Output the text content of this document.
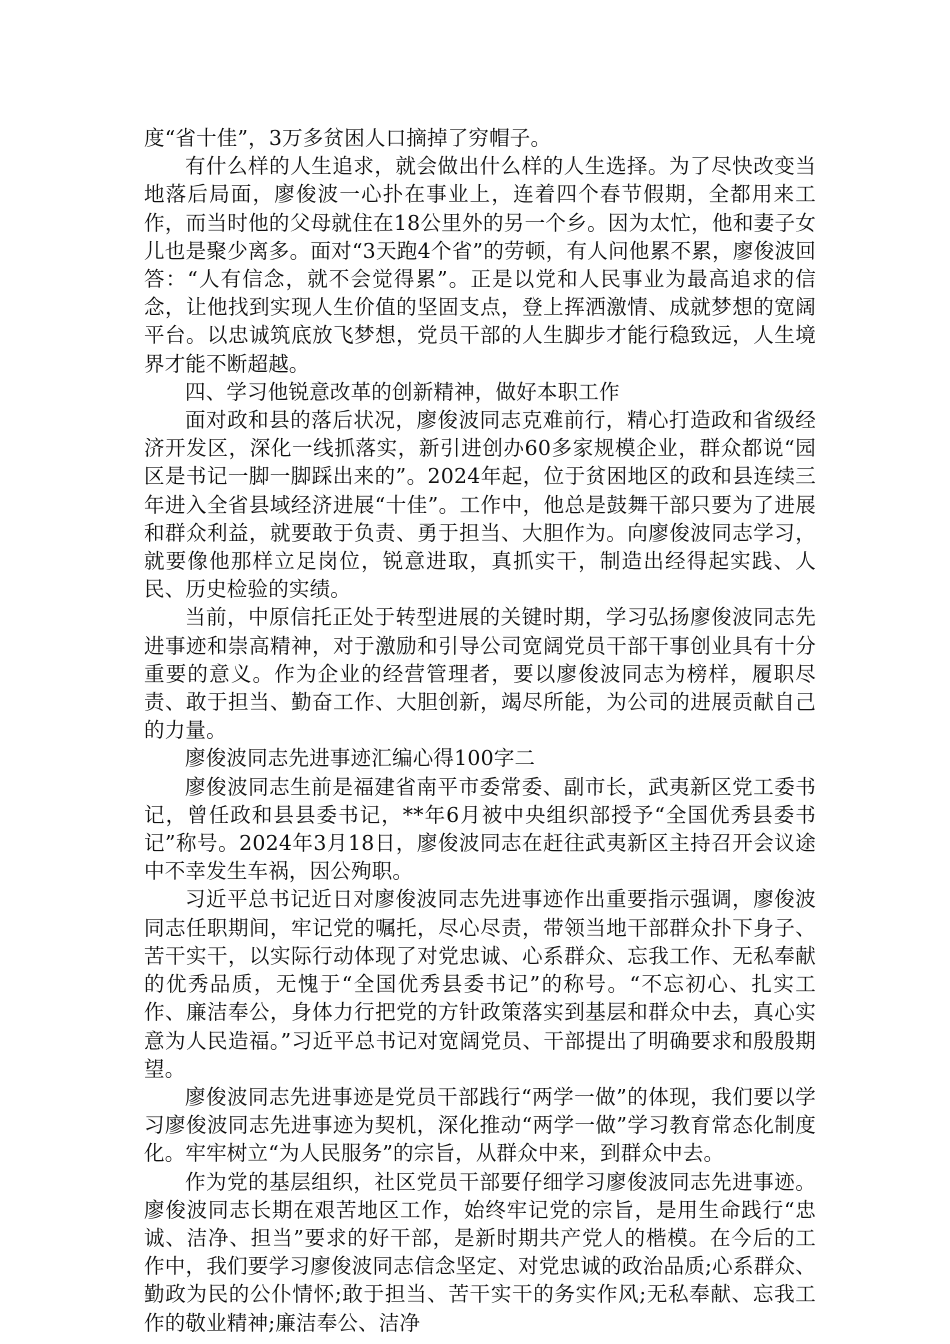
度“省十佳”，3万多贫困人口摘掉了穷帽子。

有什么样的人生追求，就会做出什么样的人生选择。为了尽快改变当地落后局面，廖俊波一心扑在事业上，连着四个春节假期，全都用来工作，而当时他的父母就住在18公里外的另一个乡。因为太忙，他和妻子女儿也是聚少离多。面对“3天跑4个省”的劳顿，有人问他累不累，廖俊波回答：“人有信念，就不会觉得累”。正是以党和人民事业为最高追求的信念，让他找到实现人生价值的坚固支点，登上挥洒激情、成就梦想的宽阔平台。以忠诚筑底放飞梦想，党员干部的人生脚步才能行稳致远，人生境界才能不断超越。

四、学习他锐意改革的创新精神，做好本职工作

面对政和县的落后状况，廖俊波同志克难前行，精心打造政和省级经济开发区，深化一线抓落实，新引进创办60多家规模企业，群众都说“园区是书记一脚一脚踩出来的”。2024年起，位于贫困地区的政和县连续三年进入全省县域经济进展“十佳”。工作中，他总是鼓舞干部只要为了进展和群众利益，就要敢于负责、勇于担当、大胆作为。向廖俊波同志学习，就要像他那样立足岗位，锐意进取，真抓实干，制造出经得起实践、人民、历史检验的实绩。

当前，中原信托正处于转型进展的关键时期，学习弘扬廖俊波同志先进事迹和崇高精神，对于激励和引导公司宽阔党员干部干事创业具有十分重要的意义。作为企业的经营管理者，要以廖俊波同志为榜样，履职尽责、敢于担当、勤奋工作、大胆创新，竭尽所能，为公司的进展贡献自己的力量。

廖俊波同志先进事迹汇编心得100字二

廖俊波同志生前是福建省南平市委常委、副市长，武夷新区党工委书记，曾任政和县县委书记，**年6月被中央组织部授予“全国优秀县委书记”称号。2024年3月18日，廖俊波同志在赶往武夷新区主持召开会议途中不幸发生车祸，因公殉职。

习近平总书记近日对廖俊波同志先进事迹作出重要指示强调，廖俊波同志任职期间，牢记党的嘱托，尽心尽责，带领当地干部群众扑下身子、苦干实干，以实际行动体现了对党忠诚、心系群众、忘我工作、无私奉献的优秀品质，无愧于“全国优秀县委书记”的称号。“不忘初心、扎实工作、廉洁奉公，身体力行把党的方针政策落实到基层和群众中去，真心实意为人民造福。”习近平总书记对宽阔党员、干部提出了明确要求和殷殷期望。

廖俊波同志先进事迹是党员干部践行“两学一做”的体现，我们要以学习廖俊波同志先进事迹为契机，深化推动“两学一做”学习教育常态化制度化。牢牢树立“为人民服务”的宗旨，从群众中来，到群众中去。

作为党的基层组织，社区党员干部要仔细学习廖俊波同志先进事迹。廖俊波同志长期在艰苦地区工作，始终牢记党的宗旨，是用生命践行“忠诚、洁净、担当”要求的好干部，是新时期共产党人的楷模。在今后的工作中，我们要学习廖俊波同志信念坚定、对党忠诚的政治品质;心系群众、勤政为民的公仆情怀;敢于担当、苦干实干的务实作风;无私奉献、忘我工作的敬业精神;廉洁奉公、洁净
